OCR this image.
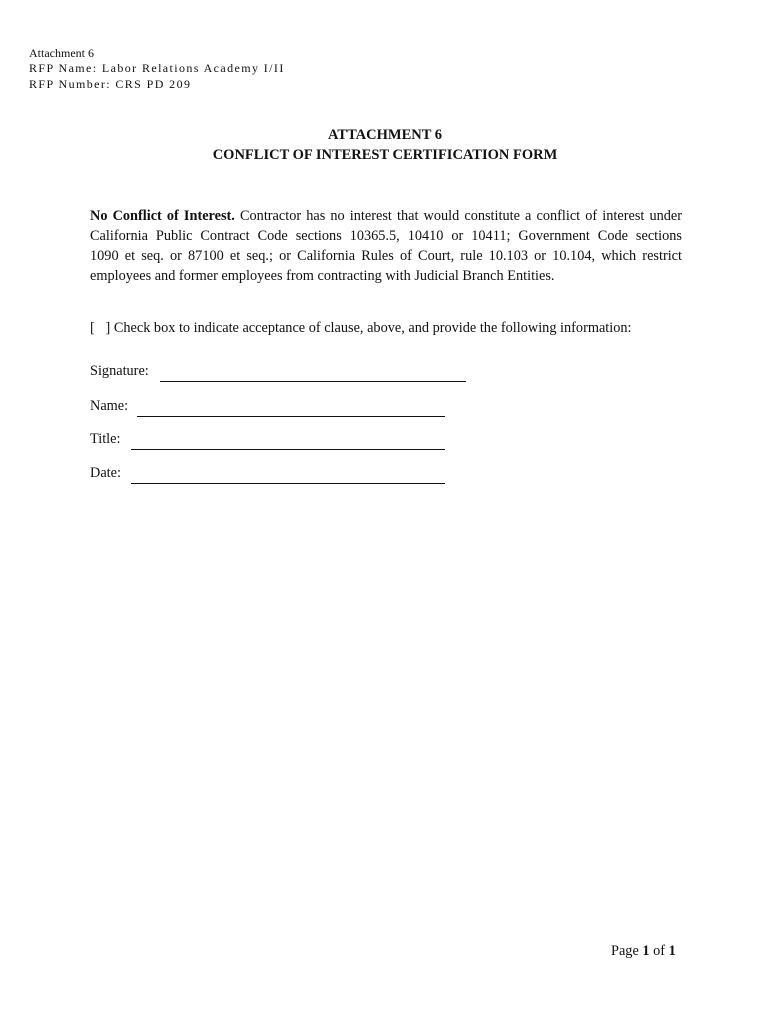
Attachment 6
RFP Name: Labor Relations Academy I/II
RFP Number: CRS PD 209
ATTACHMENT 6
CONFLICT OF INTEREST CERTIFICATION FORM
No Conflict of Interest. Contractor has no interest that would constitute a conflict of interest under
California Public Contract Code sections 10365.5, 10410 or 10411; Government Code sections
1090 et seq. or 87100 et seq.; or California Rules of Court, rule 10.103 or 10.104, which restrict
employees and former employees from contracting with Judicial Branch Entities.
[   ] Check box to indicate acceptance of clause, above, and provide the following information:
Signature:
Name:
Title:
Date:
Page 1 of 1
